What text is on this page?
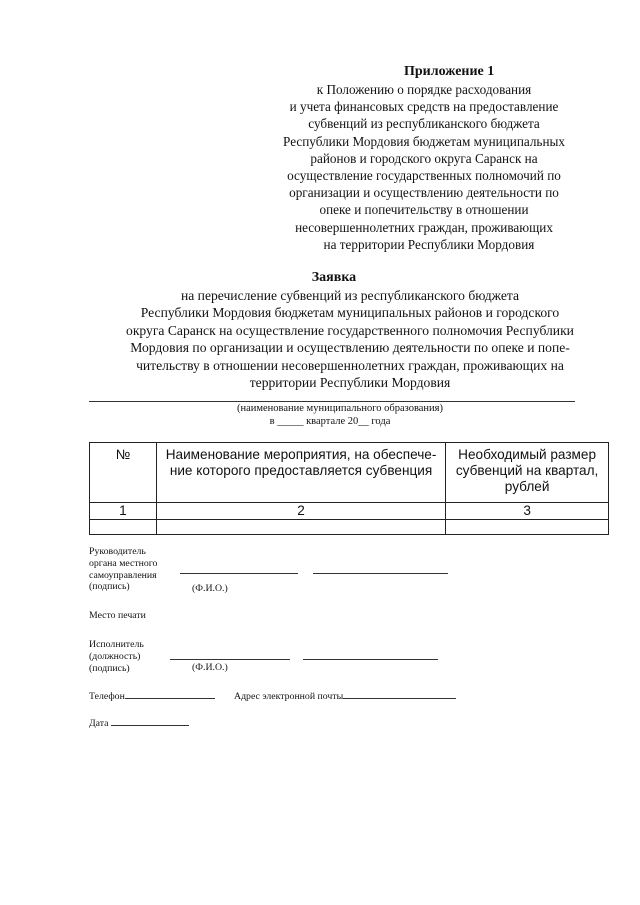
Приложение 1
к Положению о порядке расходования
и учета финансовых средств на предоставление
субвенций из республиканского бюджета
Республики Мордовия бюджетам муниципальных
районов и городского округа Саранск на
осуществление государственных полномочий по
организации и осуществлению деятельности по
опеке и попечительству в отношении
несовершеннолетних граждан, проживающих
на территории Республики Мордовия
Заявка
на перечисление субвенций из республиканского бюджета
Республики Мордовия бюджетам муниципальных районов и городского
округа Саранск на осуществление государственного полномочия Республики
Мордовия по организации и осуществлению деятельности по опеке и попе-
чительству в отношении несовершеннолетних граждан, проживающих на
территории Республики Мордовия
(наименование муниципального образования)
в _____ квартале 20__ года
№	Наименование мероприятия, на обеспече-ние которого предоставляется субвенция	Необходимый размер субвенций на квартал, рублей
1	2	3

Руководитель
органа местного
самоуправления
(подпись)	(Ф.И.О.)
Место печати
Исполнитель
(должность)
(подпись)	(Ф.И.О.)
Телефон	Адрес электронной почты
Дата
